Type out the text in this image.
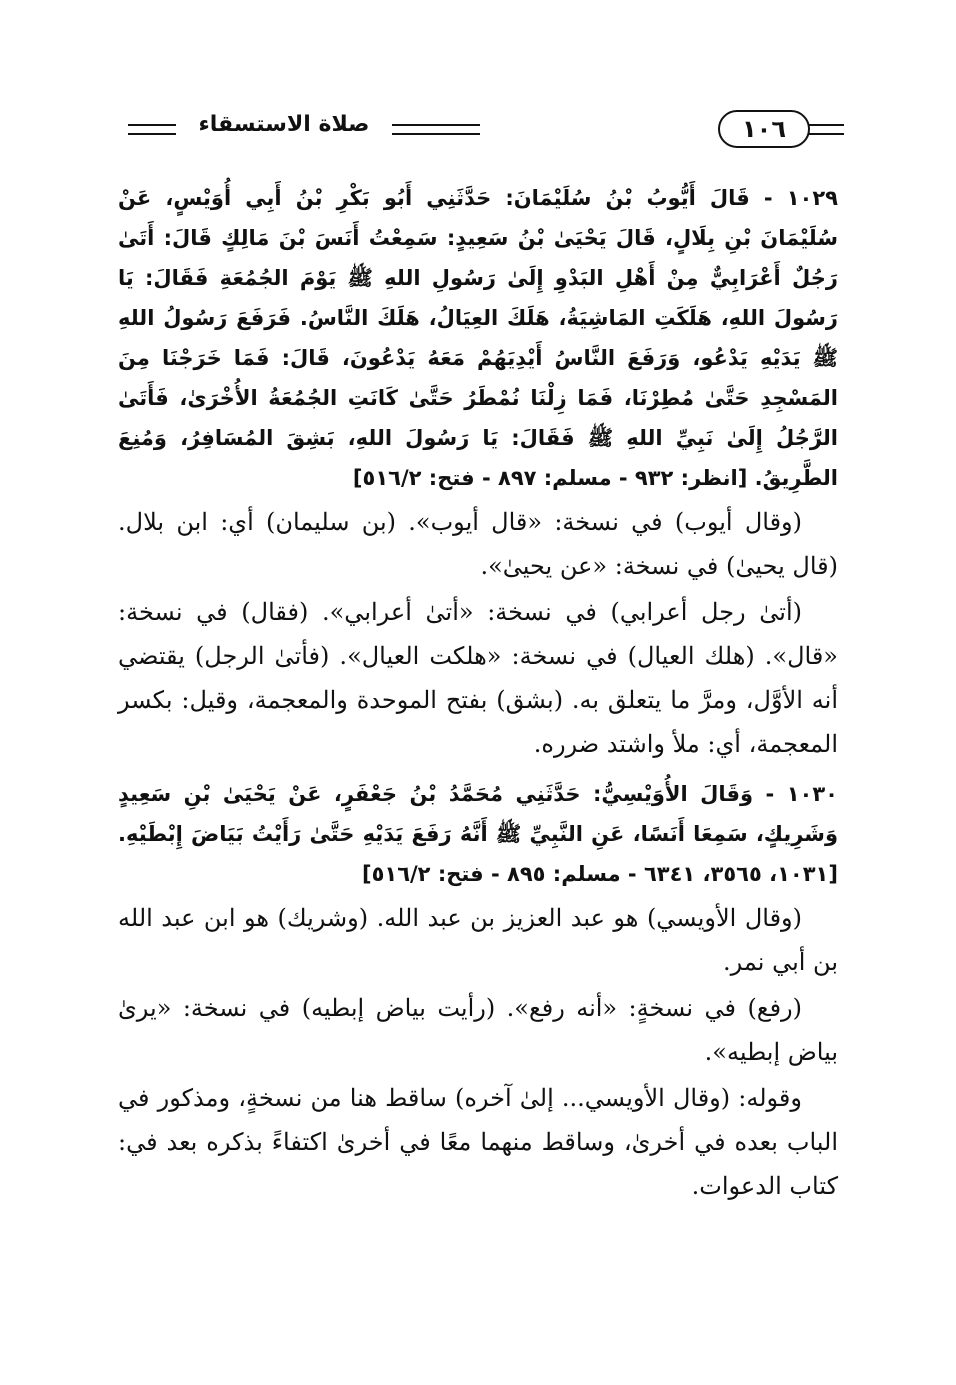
صلاة الاستسقاء	١٠٦

١٠٢٩ - قَالَ أَيُّوبُ بْنُ سُلَيْمَانَ: حَدَّثَنِي أَبُو بَكْرِ بْنُ أَبِي أُوَيْسٍ، عَنْ سُلَيْمَانَ بْنِ بِلَالٍ، قَالَ يَحْيَىٰ بْنُ سَعِيدٍ: سَمِعْتُ أَنَسَ بْنَ مَالِكٍ قَالَ: أَتَىٰ رَجُلٌ أَعْرَابِيٌّ مِنْ أَهْلِ البَدْوِ إِلَىٰ رَسُولِ اللهِ ﷺ يَوْمَ الجُمُعَةِ فَقَالَ: يَا رَسُولَ اللهِ، هَلَكَتِ المَاشِيَةُ، هَلَكَ العِيَالُ، هَلَكَ النَّاسُ. فَرَفَعَ رَسُولُ اللهِ ﷺ يَدَيْهِ يَدْعُو، وَرَفَعَ النَّاسُ أَيْدِيَهُمْ مَعَهُ يَدْعُونَ، قَالَ: فَمَا خَرَجْنَا مِنَ المَسْجِدِ حَتَّىٰ مُطِرْنَا، فَمَا زِلْنَا نُمْطَرُ حَتَّىٰ كَانَتِ الجُمُعَةُ الأُخْرَىٰ، فَأَتَىٰ الرَّجُلُ إِلَىٰ نَبِيِّ اللهِ ﷺ فَقَالَ: يَا رَسُولَ اللهِ، بَشِقَ المُسَافِرُ، وَمُنِعَ الطَّرِيقُ. [انظر: ٩٣٢ - مسلم: ٨٩٧ - فتح: ٥١٦/٢]

(وقال أيوب) في نسخة: «قال أيوب». (بن سليمان) أي: ابن بلال. (قال يحيىٰ) في نسخة: «عن يحيىٰ».

(أتىٰ رجل أعرابي) في نسخة: «أتىٰ أعرابي». (فقال) في نسخة: «قال». (هلك العيال) في نسخة: «هلكت العيال». (فأتىٰ الرجل) يقتضي أنه الأوَّل، ومرَّ ما يتعلق به. (بشق) بفتح الموحدة والمعجمة، وقيل: بكسر المعجمة، أي: ملأ واشتد ضرره.

١٠٣٠ - وَقَالَ الأُوَيْسِيُّ: حَدَّثَنِي مُحَمَّدُ بْنُ جَعْفَرٍ، عَنْ يَحْيَىٰ بْنِ سَعِيدٍ وَشَرِيكٍ، سَمِعَا أَنَسًا، عَنِ النَّبِيِّ ﷺ أَنَّهُ رَفَعَ يَدَيْهِ حَتَّىٰ رَأَيْتُ بَيَاضَ إِبْطَيْهِ. [١٠٣١، ٣٥٦٥، ٦٣٤١ - مسلم: ٨٩٥ - فتح: ٥١٦/٢]

(وقال الأويسي) هو عبد العزيز بن عبد الله. (وشريك) هو ابن عبد الله بن أبي نمر.

(رفع) في نسخةٍ: «أنه رفع». (رأيت بياض إبطيه) في نسخة: «يرىٰ بياض إبطيه».

وقوله: (وقال الأويسي... إلىٰ آخره) ساقط هنا من نسخةٍ، ومذكور في الباب بعده في أخرىٰ، وساقط منهما معًا في أخرىٰ اكتفاءً بذكره بعد في: كتاب الدعوات.
